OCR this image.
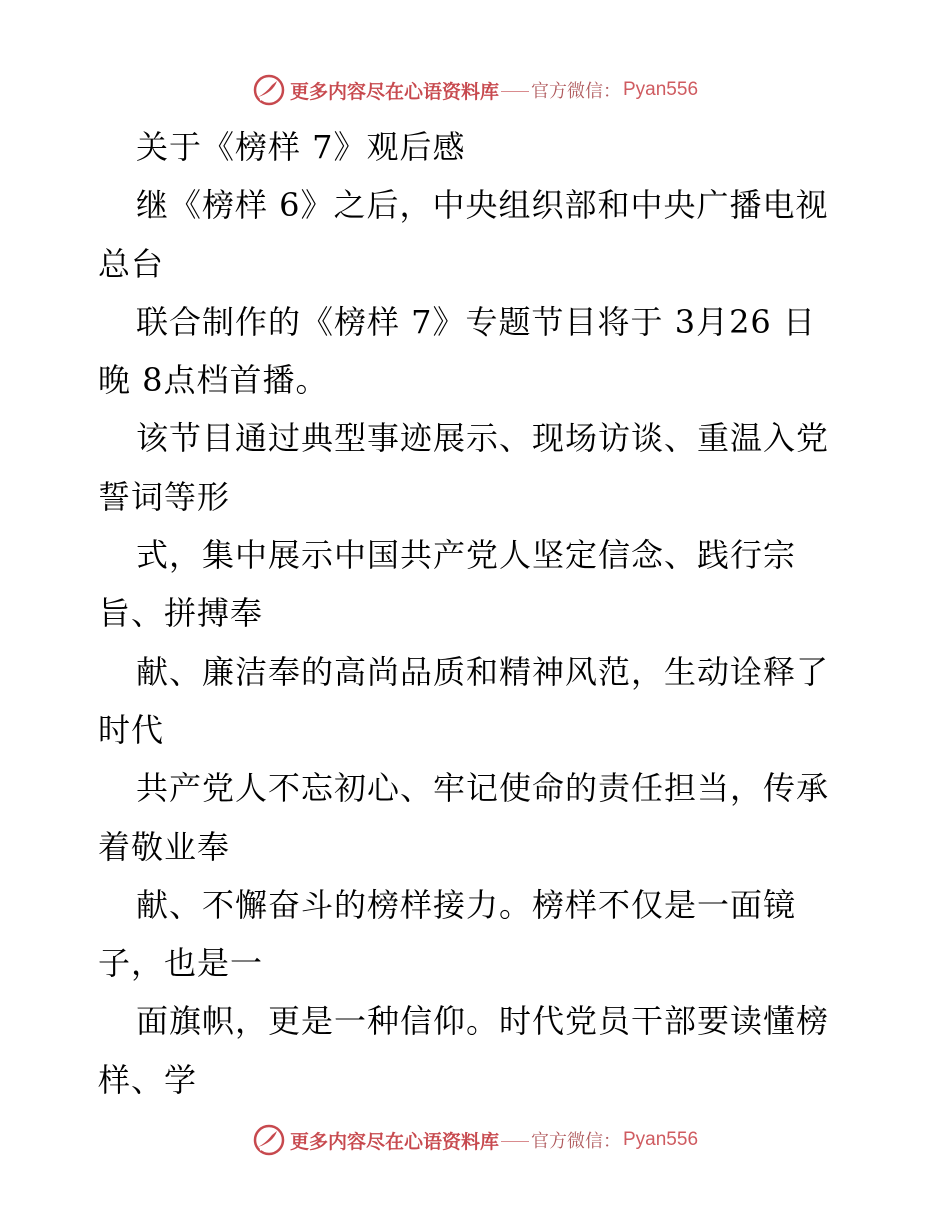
更多内容尽在心语资料库 官方微信： Pyan556
关于《榜样 7》观后感
继《榜样 6》之后，中央组织部和中央广播电视
总台
联合制作的《榜样 7》专题节目将于 3月26 日
晚 8点档首播。
该节目通过典型事迹展示、现场访谈、重温入党
誓词等形
式，集中展示中国共产党人坚定信念、践行宗
旨、拼搏奉
献、廉洁奉的高尚品质和精神风范，生动诠释了
时代
共产党人不忘初心、牢记使命的责任担当，传承
着敬业奉
献、不懈奋斗的榜样接力。榜样不仅是一面镜
子，也是一
面旗帜，更是一种信仰。时代党员干部要读懂榜
样、学
更多内容尽在心语资料库 官方微信： Pyan556
